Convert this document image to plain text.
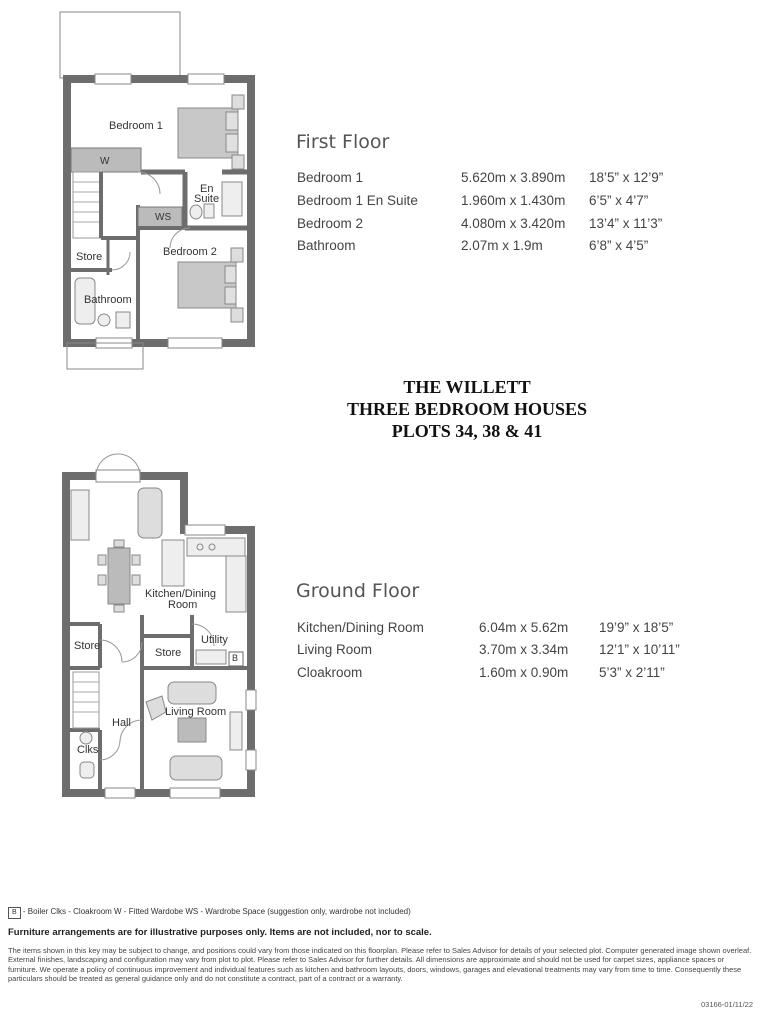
Bedroom 1
W
En
Suite
WS
Bedroom 2
Store
Bathroom
First Floor
Bedroom 1	5.620m x 3.890m 18’5” x 12’9”
Bedroom 1 En Suite	1.960m x 1.430m 6’5” x 4’7”
Bedroom 2	4.080m x 3.420m 13’4” x 11’3”
Bathroom	2.07m x 1.9m	6’8” x 4’5”
THE WILLETT
THREE BEDROOM HOUSES
PLOTS 34, 38 & 41
Kitchen/Dining
Room
Store
Store
Utility
B
Living Room
Hall
Clks
Ground Floor
Kitchen/Dining Room	6.04m x 5.62m 19’9” x 18’5”
Living Room	3.70m x 3.34m 12’1” x 10’11”
Cloakroom	1.60m x 0.90m 5’3” x 2’11”
B - Boiler Clks - Cloakroom W - Fitted Wardobe WS - Wardrobe Space (suggestion only, wardrobe not included)
Furniture arrangements are for illustrative purposes only. Items are not included, nor to scale.
The items shown in this key may be subject to change, and positions could vary from those indicated on this floorplan. Please refer to Sales Advisor for details of your selected plot. Computer generated image shown overleaf. External finishes, landscaping and configuration may vary from plot to plot. Please refer to Sales Advisor for further details. All dimensions are approximate and should not be used for carpet sizes, appliance spaces or furniture. We operate a policy of continuous improvement and individual features such as kitchen and bathroom layouts, doors, windows, garages and elevational treatments may vary from time to time. Consequently these particulars should be treated as general guidance only and do not constitute a contract, part of a contract or a warranty.
03166-01/11/22
